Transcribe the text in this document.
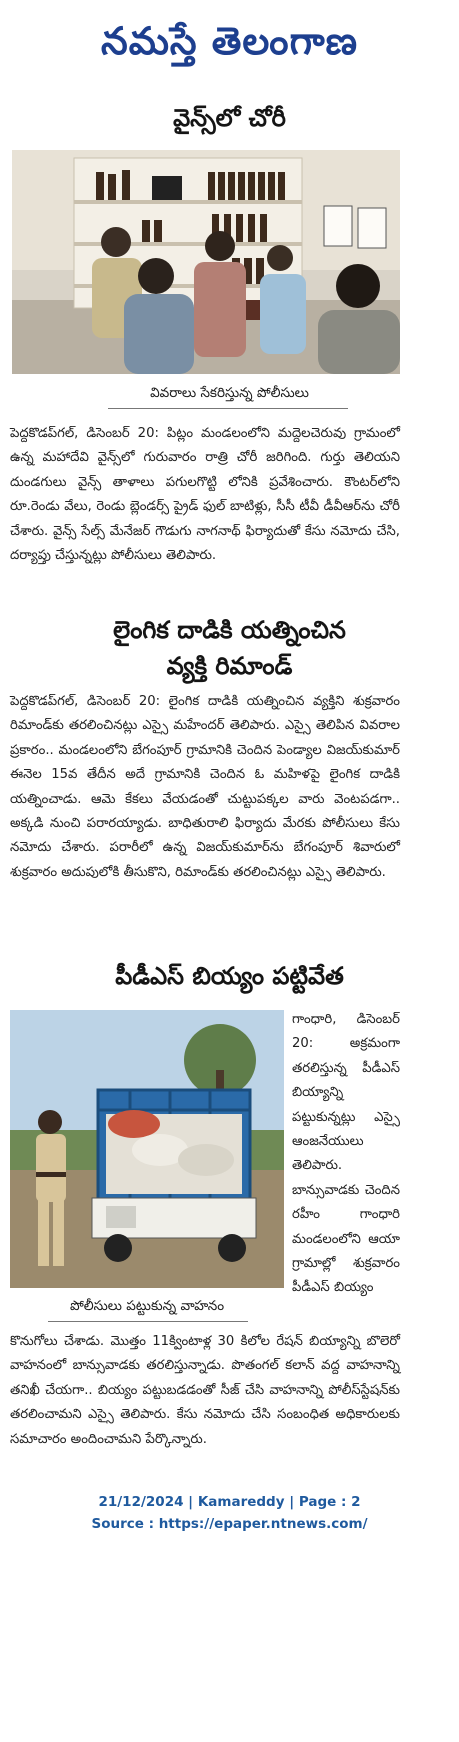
నమస్తే తెలంగాణ
వైన్స్‌లో చోరీ
వివరాలు సేకరిస్తున్న పోలీసులు

పెద్దకొడప్‌గల్, డిసెంబర్ 20: పిట్లం మండలంలోని మద్దెలచెరువు గ్రామంలో ఉన్న మహాదేవి వైన్స్‌లో గురువారం రాత్రి చోరీ జరిగింది. గుర్తు తెలియని దుండగులు వైన్స్ తాళాలు పగులగొట్టి లోనికి ప్రవేశించారు. కౌంటర్‌లోని రూ.రెండు వేలు, రెండు బ్లెండర్స్ ప్రైడ్ ఫుల్ బాటిళ్లు, సీసీ టీవీ డీవీఆర్‌ను చోరీ చేశారు. వైన్స్ సేల్స్ మేనేజర్ గౌడుగు నాగనాథ్ ఫిర్యాదుతో కేసు నమోదు చేసి, దర్యాప్తు చేస్తున్నట్లు పోలీసులు తెలిపారు.

లైంగిక దాడికి యత్నించిన
వ్యక్తి రిమాండ్

పెద్దకొడప్‌గల్, డిసెంబర్ 20: లైంగిక దాడికి యత్నించిన వ్యక్తిని శుక్రవారం రిమాండ్‌కు తరలించినట్లు ఎస్సై మహేందర్ తెలిపారు. ఎస్సై తెలిపిన వివరాల ప్రకారం.. మండలంలోని బేగంపూర్ గ్రామానికి చెందిన పెండ్యాల విజయ్‌కుమార్ ఈనెల 15వ తేదీన అదే గ్రామానికి చెందిన ఓ మహిళపై లైంగిక దాడికి యత్నించాడు. ఆమె కేకలు వేయడంతో చుట్టుపక్కల వారు వెంటపడగా.. అక్కడి నుంచి పరారయ్యాడు. బాధితురాలి ఫిర్యాదు మేరకు పోలీసులు కేసు నమోదు చేశారు. పరారీలో ఉన్న విజయ్‌కుమార్‌ను బేగంపూర్ శివారులో శుక్రవారం అదుపులోకి తీసుకొని, రిమాండ్‌కు తరలించినట్లు ఎస్సై తెలిపారు.

పీడీఎస్ బియ్యం పట్టివేత
పోలీసులు పట్టుకున్న వాహనం

గాంధారి, డిసెంబర్ 20: అక్రమంగా తరలిస్తున్న పీడీఎస్ బియ్యాన్ని పట్టుకున్నట్లు ఎస్సై ఆంజనేయులు తెలిపారు. బాన్సువాడకు చెందిన రహీం గాంధారి మండలంలోని ఆయా గ్రామాల్లో శుక్రవారం పీడీఎస్ బియ్యం

కొనుగోలు చేశాడు. మొత్తం 11క్వింటాళ్ల 30 కిలోల రేషన్ బియ్యాన్ని బొలెరో వాహనంలో బాన్సువాడకు తరలిస్తున్నాడు. పొతంగల్ కలాన్ వద్ద వాహనాన్ని తనిఖీ చేయగా.. బియ్యం పట్టుబడడంతో సీజ్ చేసి వాహనాన్ని పోలీస్‌స్టేషన్‌కు తరలించామని ఎస్సై తెలిపారు. కేసు నమోదు చేసి సంబంధిత అధికారులకు సమాచారం అందించామని పేర్కొన్నారు.

21/12/2024 | Kamareddy | Page : 2
Source : https://epaper.ntnews.com/
